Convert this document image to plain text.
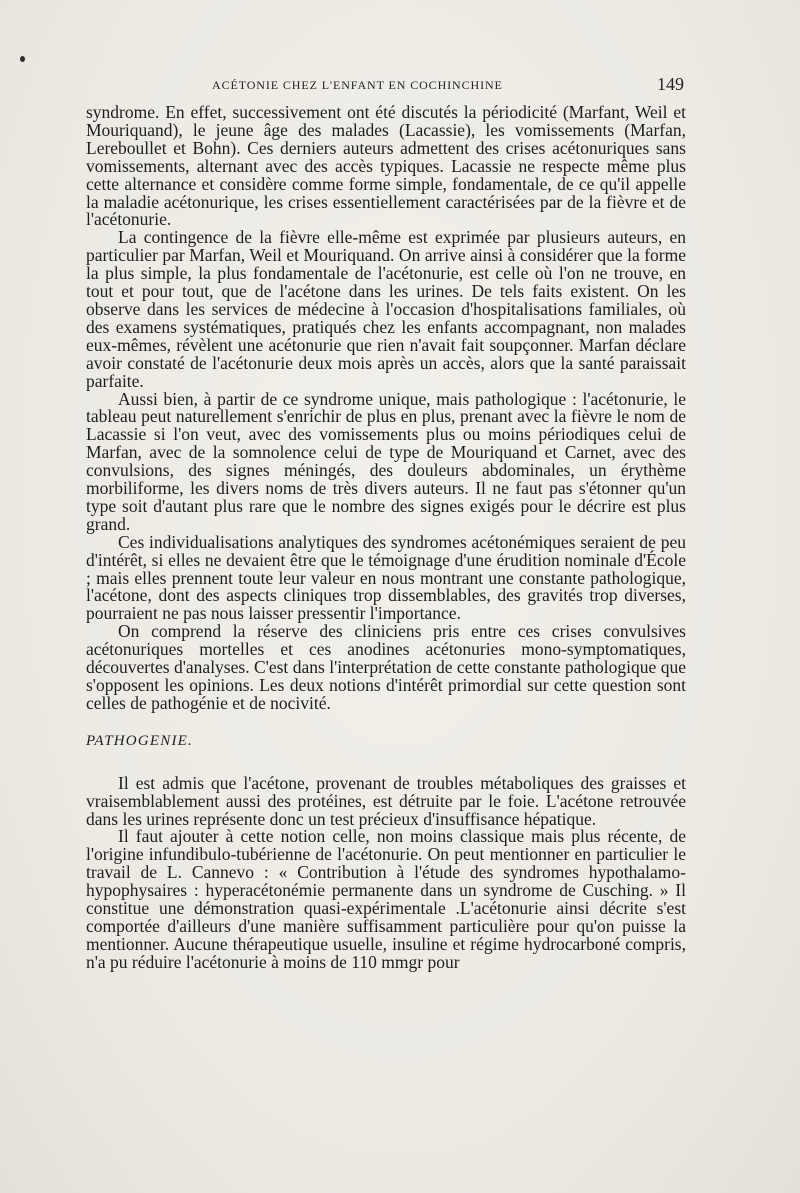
ACÉTONIE CHEZ L'ENFANT EN COCHINCHINE	149

syndrome. En effet, successivement ont été discutés la périodicité (Marfant, Weil et Mouriquand), le jeune âge des malades (Lacassie), les vomissements (Marfan, Lereboullet et Bohn). Ces derniers auteurs admettent des crises acétonuriques sans vomissements, alternant avec des accès typiques. Lacassie ne respecte même plus cette alternance et considère comme forme simple, fondamentale, de ce qu'il appelle la maladie acétonurique, les crises essentiellement caractérisées par de la fièvre et de l'acétonurie.

La contingence de la fièvre elle-même est exprimée par plusieurs auteurs, en particulier par Marfan, Weil et Mouriquand. On arrive ainsi à considérer que la forme la plus simple, la plus fondamentale de l'acétonurie, est celle où l'on ne trouve, en tout et pour tout, que de l'acétone dans les urines. De tels faits existent. On les observe dans les services de médecine à l'occasion d'hospitalisations familiales, où des examens systématiques, pratiqués chez les enfants accompagnant, non malades eux-mêmes, révèlent une acétonurie que rien n'avait fait soupçonner. Marfan déclare avoir constaté de l'acétonurie deux mois après un accès, alors que la santé paraissait parfaite.

Aussi bien, à partir de ce syndrome unique, mais pathologique : l'acétonurie, le tableau peut naturellement s'enrichir de plus en plus, prenant avec la fièvre le nom de Lacassie si l'on veut, avec des vomissements plus ou moins périodiques celui de Marfan, avec de la somnolence celui de type de Mouriquand et Carnet, avec des convulsions, des signes méningés, des douleurs abdominales, un érythème morbiliforme, les divers noms de très divers auteurs. Il ne faut pas s'étonner qu'un type soit d'autant plus rare que le nombre des signes exigés pour le décrire est plus grand.

Ces individualisations analytiques des syndromes acétonémiques seraient de peu d'intérêt, si elles ne devaient être que le témoignage d'une érudition nominale d'École ; mais elles prennent toute leur valeur en nous montrant une constante pathologique, l'acétone, dont des aspects cliniques trop dissemblables, des gravités trop diverses, pourraient ne pas nous laisser pressentir l'importance.

On comprend la réserve des cliniciens pris entre ces crises convulsives acétonuriques mortelles et ces anodines acétonuries mono-symptomatiques, découvertes d'analyses. C'est dans l'interprétation de cette constante pathologique que s'opposent les opinions. Les deux notions d'intérêt primordial sur cette question sont celles de pathogénie et de nocivité.

PATHOGENIE.

Il est admis que l'acétone, provenant de troubles métaboliques des graisses et vraisemblablement aussi des protéines, est détruite par le foie. L'acétone retrouvée dans les urines représente donc un test précieux d'insuffisance hépatique.

Il faut ajouter à cette notion celle, non moins classique mais plus récente, de l'origine infundibulo-tubérienne de l'acétonurie. On peut mentionner en particulier le travail de L. Cannevo : « Contribution à l'étude des syndromes hypothalamo-hypophysaires : hyperacétonémie permanente dans un syndrome de Cusching. » Il constitue une démonstration quasi-expérimentale .L'acétonurie ainsi décrite s'est comportée d'ailleurs d'une manière suffisamment particulière pour qu'on puisse la mentionner. Aucune thérapeutique usuelle, insuline et régime hydrocarboné compris, n'a pu réduire l'acétonurie à moins de 110 mmgr pour
